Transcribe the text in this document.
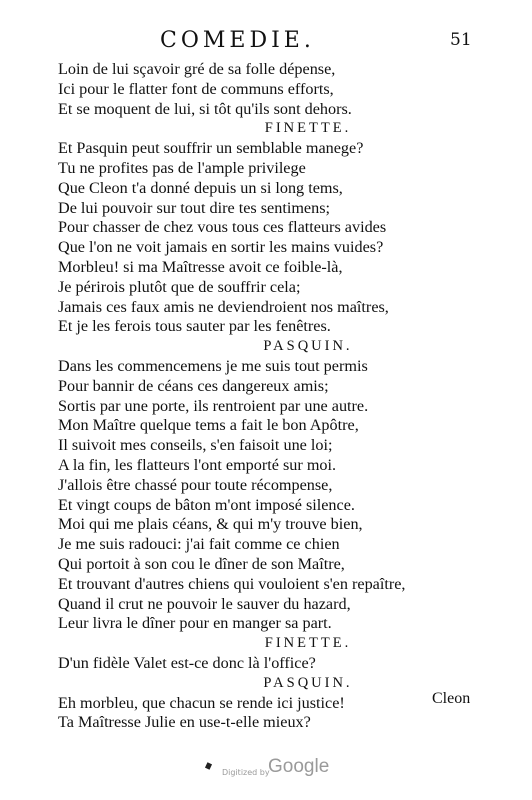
COMEDIE.	51
Loin de lui sçavoir gré de sa folle dépense,
Ici pour le flatter font de communs efforts,
Et se moquent de lui, si tôt qu'ils sont dehors.
FINETTE.
Et Pasquin peut souffrir un semblable manege?
Tu ne profites pas de l'ample privilege
Que Cleon t'a donné depuis un si long tems,
De lui pouvoir sur tout dire tes sentimens;
Pour chasser de chez vous tous ces flatteurs avides
Que l'on ne voit jamais en sortir les mains vuides?
Morbleu! si ma Maîtresse avoit ce foible-là,
Je périrois plutôt que de souffrir cela;
Jamais ces faux amis ne deviendroient nos maîtres,
Et je les ferois tous sauter par les fenêtres.
PASQUIN.
Dans les commencemens je me suis tout permis
Pour bannir de céans ces dangereux amis;
Sortis par une porte, ils rentroient par une autre.
Mon Maître quelque tems a fait le bon Apôtre,
Il suivoit mes conseils, s'en faisoit une loi;
A la fin, les flatteurs l'ont emporté sur moi.
J'allois être chassé pour toute récompense,
Et vingt coups de bâton m'ont imposé silence.
Moi qui me plais céans, & qui m'y trouve bien,
Je me suis radouci: j'ai fait comme ce chien
Qui portoit à son cou le dîner de son Maître,
Et trouvant d'autres chiens qui vouloient s'en repaître,
Quand il crut ne pouvoir le sauver du hazard,
Leur livra le dîner pour en manger sa part.
FINETTE.
D'un fidèle Valet est-ce donc là l'office?
PASQUIN.
Eh morbleu, que chacun se rende ici justice!
Ta Maîtresse Julie en use-t-elle mieux?
Cleon
Digitized by
Google
